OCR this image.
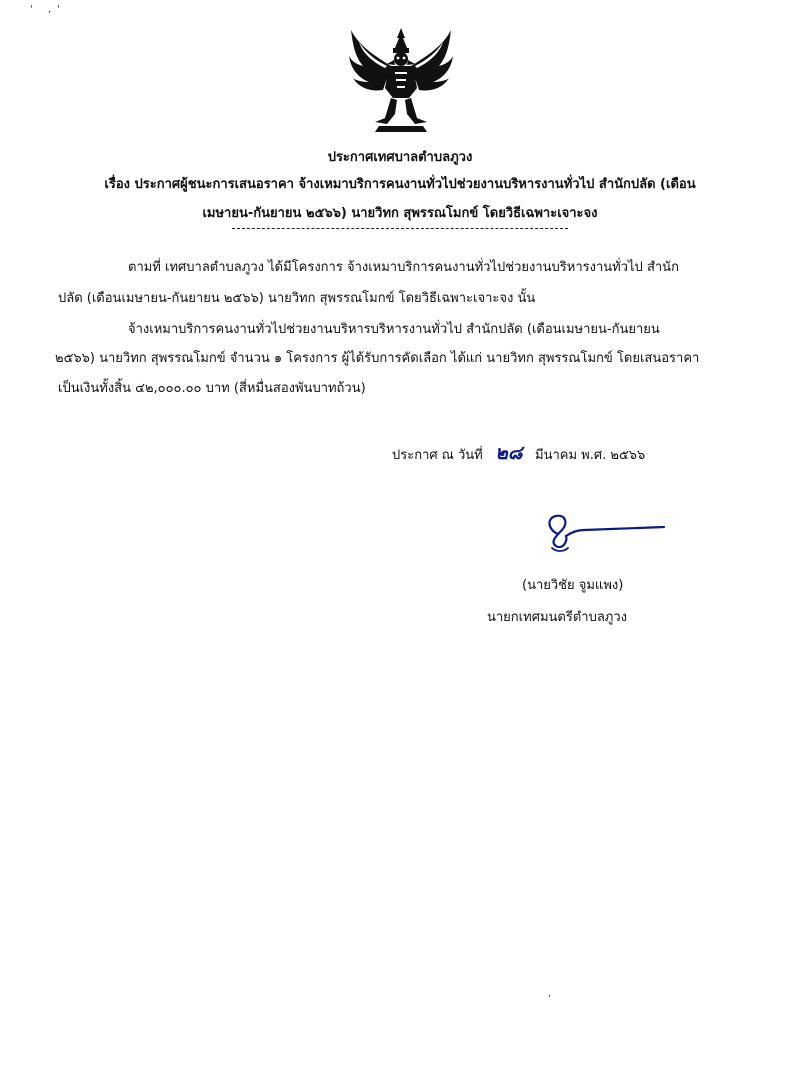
' ,'
ประกาศเทศบาลตำบลภูวง
เรื่อง ประกาศผู้ชนะการเสนอราคา จ้างเหมาบริการคนงานทั่วไปช่วยงานบริหารงานทั่วไป สำนักปลัด (เดือน
เมษายน-กันยายน ๒๕๖๖) นายวิทก สุพรรณโมกข์ โดยวิธีเฉพาะเจาะจง
ตามที่ เทศบาลตำบลภูวง ได้มีโครงการ จ้างเหมาบริการคนงานทั่วไปช่วยงานบริหารงานทั่วไป สำนัก
ปลัด (เดือนเมษายน-กันยายน ๒๕๖๖) นายวิทก สุพรรณโมกข์ โดยวิธีเฉพาะเจาะจง นั้น
จ้างเหมาบริการคนงานทั่วไปช่วยงานบริหารบริหารงานทั่วไป สำนักปลัด (เดือนเมษายน-กันยายน
๒๕๖๖) นายวิทก สุพรรณโมกข์ จำนวน ๑ โครงการ ผู้ได้รับการคัดเลือก ได้แก่ นายวิทก สุพรรณโมกข์ โดยเสนอราคา
เป็นเงินทั้งสิ้น ๔๒,๐๐๐.๐๐ บาท (สี่หมื่นสองพันบาทถ้วน)
ประกาศ ณ วันที่ ๒๘ มีนาคม พ.ศ. ๒๕๖๖
(นายวิชัย จูมแพง)
นายกเทศมนตรีตำบลภูวง
,
